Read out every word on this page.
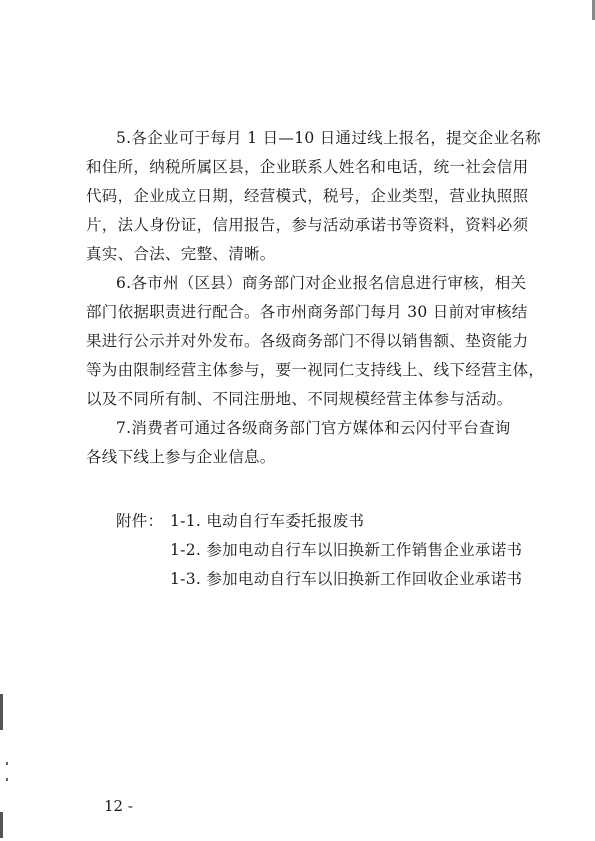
5.各企业可于每月 1 日—10 日通过线上报名，提交企业名称
和住所，纳税所属区县，企业联系人姓名和电话，统一社会信用
代码，企业成立日期，经营模式，税号，企业类型，营业执照照
片，法人身份证，信用报告，参与活动承诺书等资料，资料必须
真实、合法、完整、清晰。
6.各市州（区县）商务部门对企业报名信息进行审核，相关
部门依据职责进行配合。各市州商务部门每月 30 日前对审核结
果进行公示并对外发布。各级商务部门不得以销售额、垫资能力
等为由限制经营主体参与，要一视同仁支持线上、线下经营主体，
以及不同所有制、不同注册地、不同规模经营主体参与活动。
7.消费者可通过各级商务部门官方媒体和云闪付平台查询
各线下线上参与企业信息。
附件： 1-1. 电动自行车委托报废书
1-2. 参加电动自行车以旧换新工作销售企业承诺书
1-3. 参加电动自行车以旧换新工作回收企业承诺书
12 -
